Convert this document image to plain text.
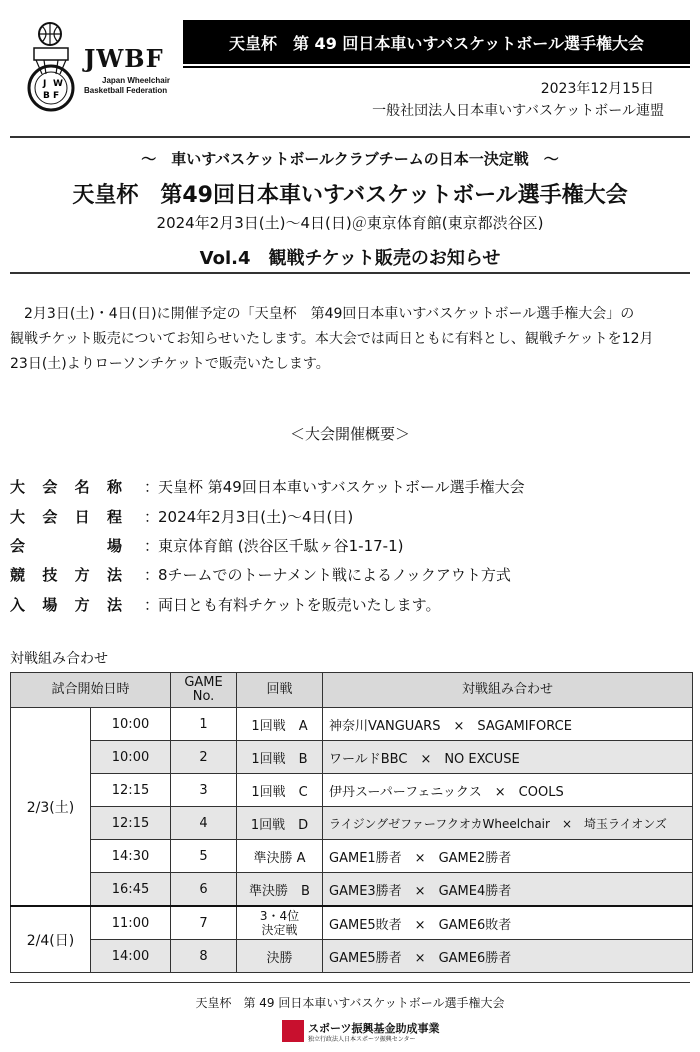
J W
B F
JWBF
Japan Wheelchair
Basketball Federation
天皇杯　第 49 回日本車いすバスケットボール選手権大会
2023年12月15日
一般社団法人日本車いすバスケットボール連盟
～　車いすバスケットボールクラブチームの日本一決定戦　～
天皇杯　第49回日本車いすバスケットボール選手権大会
2024年2月3日(土)～4日(日)＠東京体育館(東京都渋谷区)
Vol.4　観戦チケット販売のお知らせ
　2月3日(土)・4日(日)に開催予定の「天皇杯　第49回日本車いすバスケットボール選手権大会」の
観戦チケット販売についてお知らせいたします。本大会では両日ともに有料とし、観戦チケットを12月
23日(土)よりローソンチケットで販売いたします。
＜大会開催概要＞
大 会 名 称 ：
天皇杯 第49回日本車いすバスケットボール選手権大会
大 会 日 程 ：
2024年2月3日(土)～4日(日)
会	場 ：
東京体育館 (渋谷区千駄ヶ谷1-17-1)
競 技 方 法 ：
8チームでのトーナメント戦によるノックアウト方式
入 場 方 法 ：
両日とも有料チケットを販売いたします。
対戦組み合わせ
試合開始日時		GAME
No.	回戦	対戦組み合わせ
2/3(土)	10:00	1	1回戦　A	神奈川VANGUARS　×　SAGAMIFORCE
	10:00	2	1回戦　B	ワールドBBC　×　NO EXCUSE
	12:15	3	1回戦　C	伊丹スーパーフェニックス　×　COOLS
	12:15	4	1回戦　D	ライジングゼファーフクオカWheelchair　×　埼玉ライオンズ
	14:30	5	準決勝 A	GAME1勝者　×　GAME2勝者
	16:45	6	準決勝　B	GAME3勝者　×　GAME4勝者
2/4(日)	11:00	7	3・4位
決定戦	GAME5敗者　×　GAME6敗者
	14:00	8	決勝	GAME5勝者　×　GAME6勝者
天皇杯　第 49 回日本車いすバスケットボール選手権大会
スポーツ振興基金助成事業
独立行政法人日本スポーツ振興センター
